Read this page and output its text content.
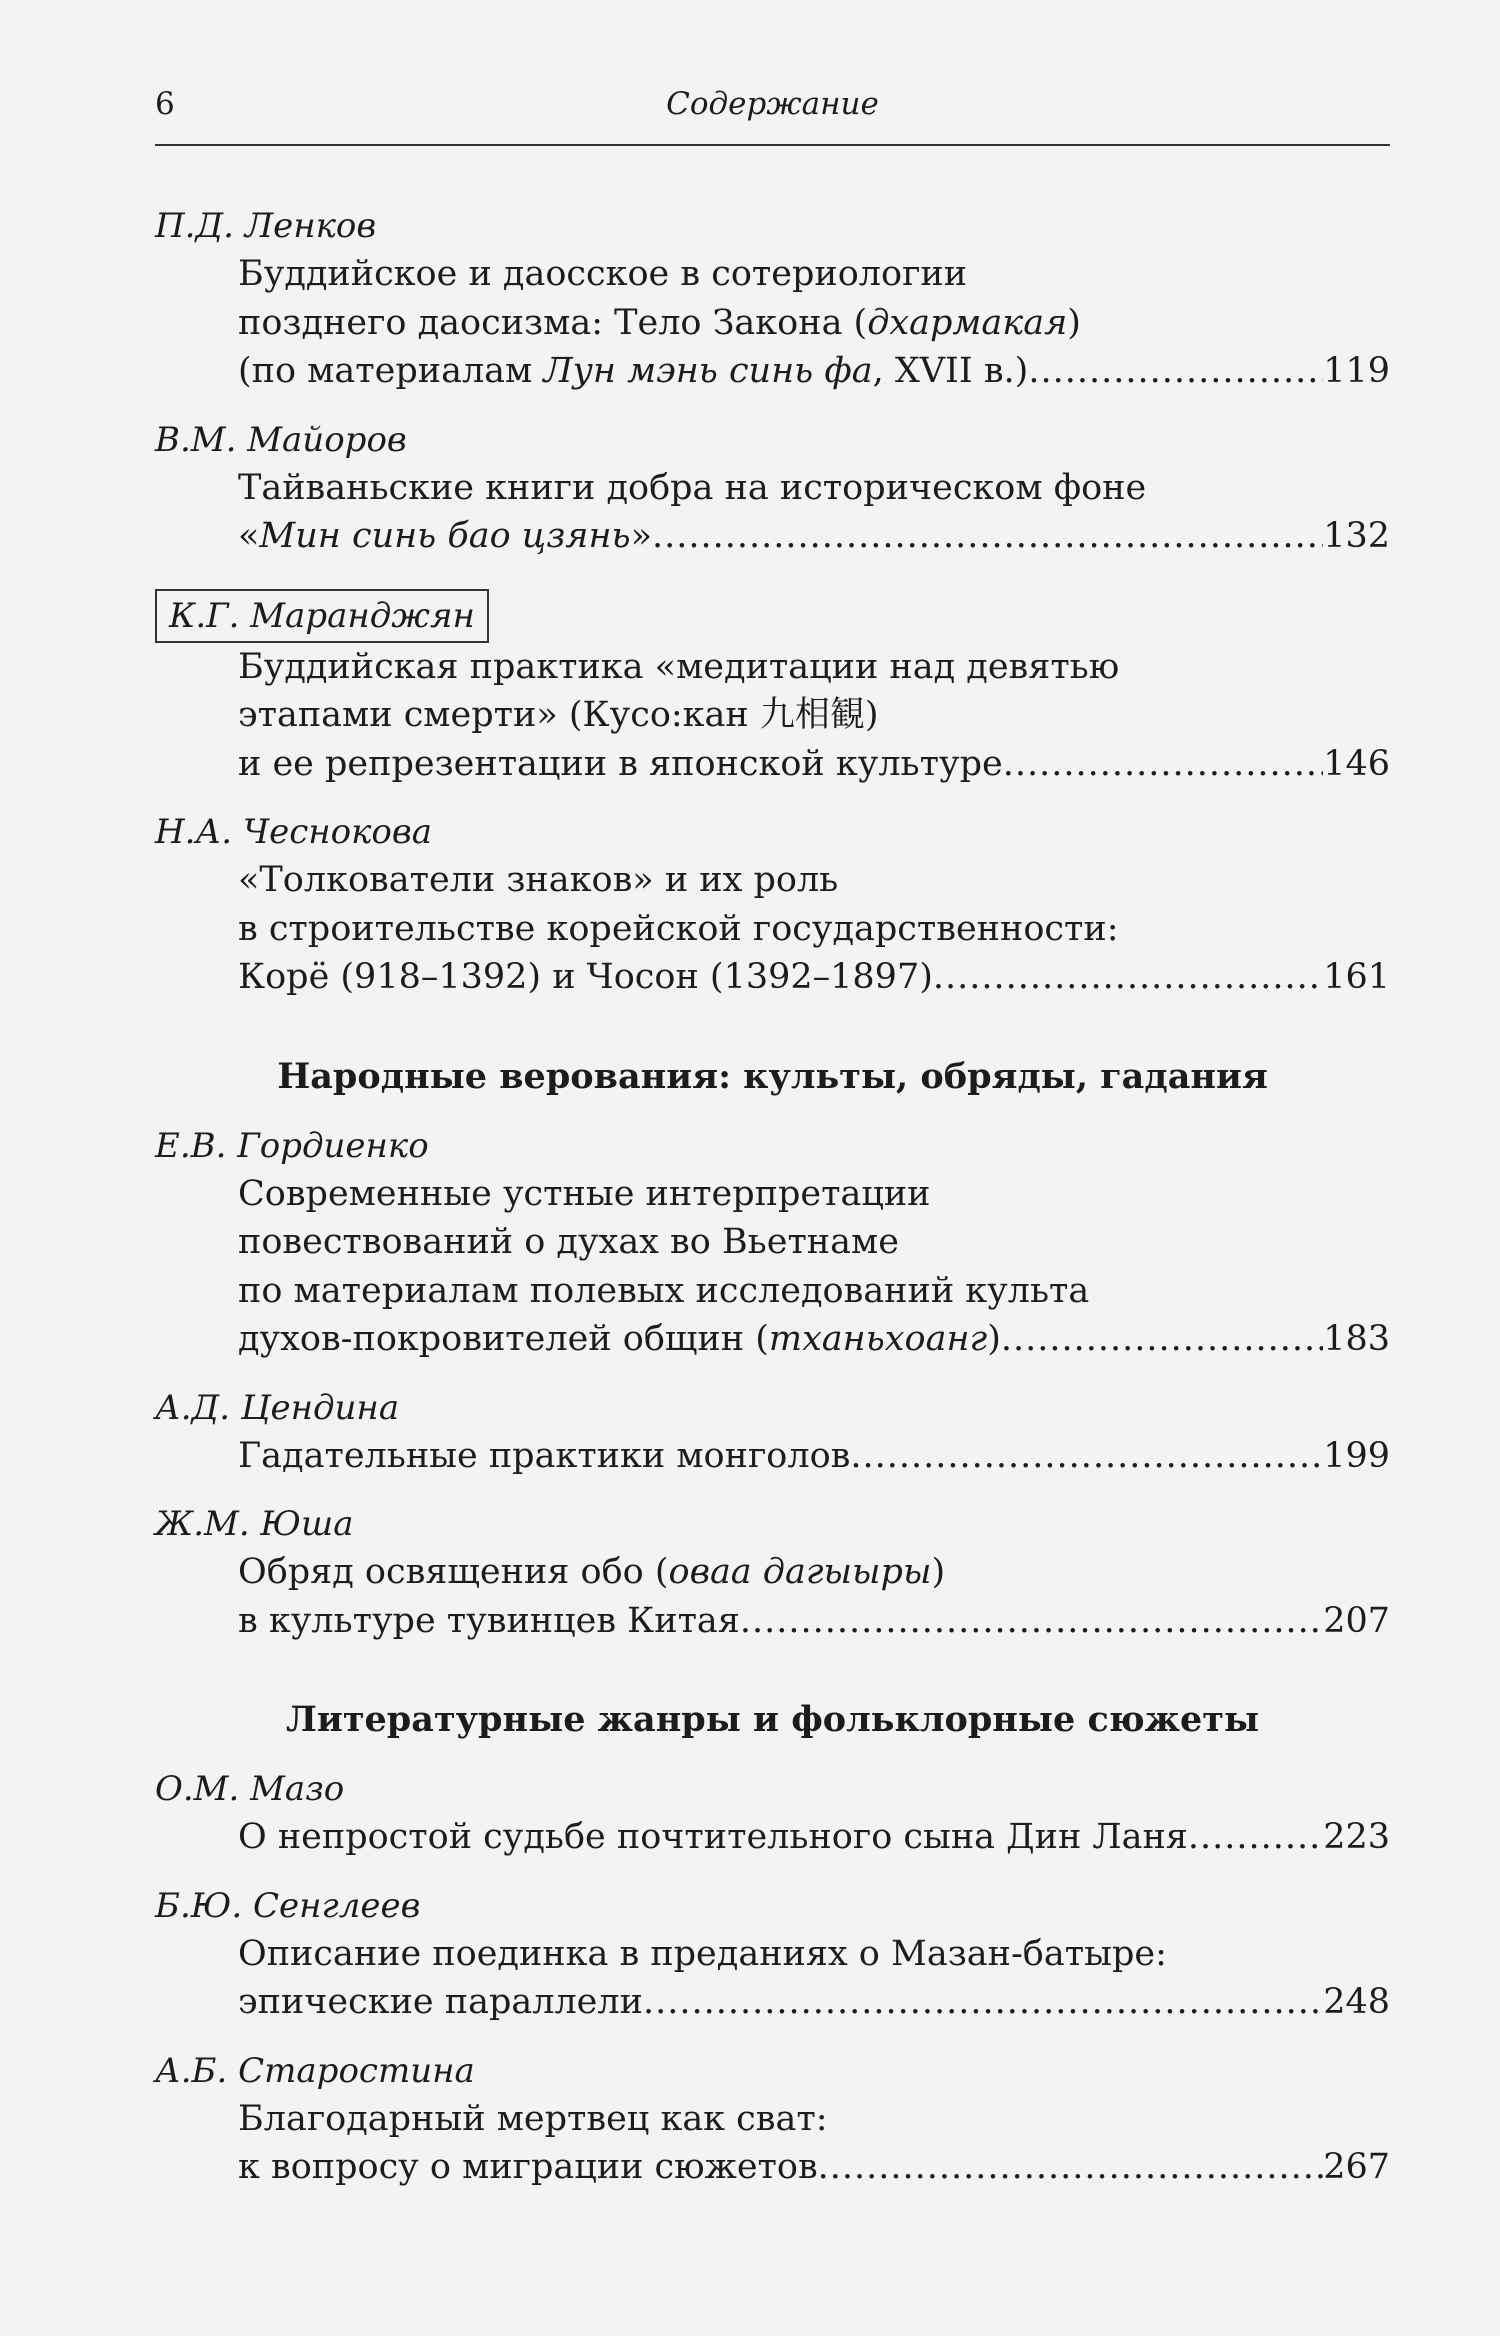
6	Содержание
П.Д. Ленков
Буддийское и даосское в сотериологии
позднего даосизма: Тело Закона (дхармакая)
(по материалам Лун мэнь синь фа, XVII в.) .....	119
В.М. Майоров
Тайваньские книги добра на историческом фоне
«Мин синь бао цзянь» .....	132
К.Г. Маранджян

Буддийская практика «медитации над девятью
этапами смерти» (Кусо:кан 九相観)
и ее репрезентации в японской культуре .....	146
Н.А. Чеснокова
«Толкователи знаков» и их роль
в строительстве корейской государственности:
Корё (918–1392) и Чосон (1392–1897) .....	161
Народные верования: культы, обряды, гадания
Е.В. Гордиенко
Современные устные интерпретации
повествований о духах во Вьетнаме
по материалам полевых исследований культа
духов-покровителей общин (тханьхоанг) .....	183
А.Д. Цендина
Гадательные практики монголов .....	199
Ж.М. Юша
Обряд освящения обо (оваа дагыыры)
в культуре тувинцев Китая .....	207
Литературные жанры и фольклорные сюжеты
О.М. Мазо
О непростой судьбе почтительного сына Дин Ланя .....	223
Б.Ю. Сенглеев
Описание поединка в преданиях о Мазан-батыре:
эпические параллели .....	248
А.Б. Старостина
Благодарный мертвец как сват:
к вопросу о миграции сюжетов .....	267
